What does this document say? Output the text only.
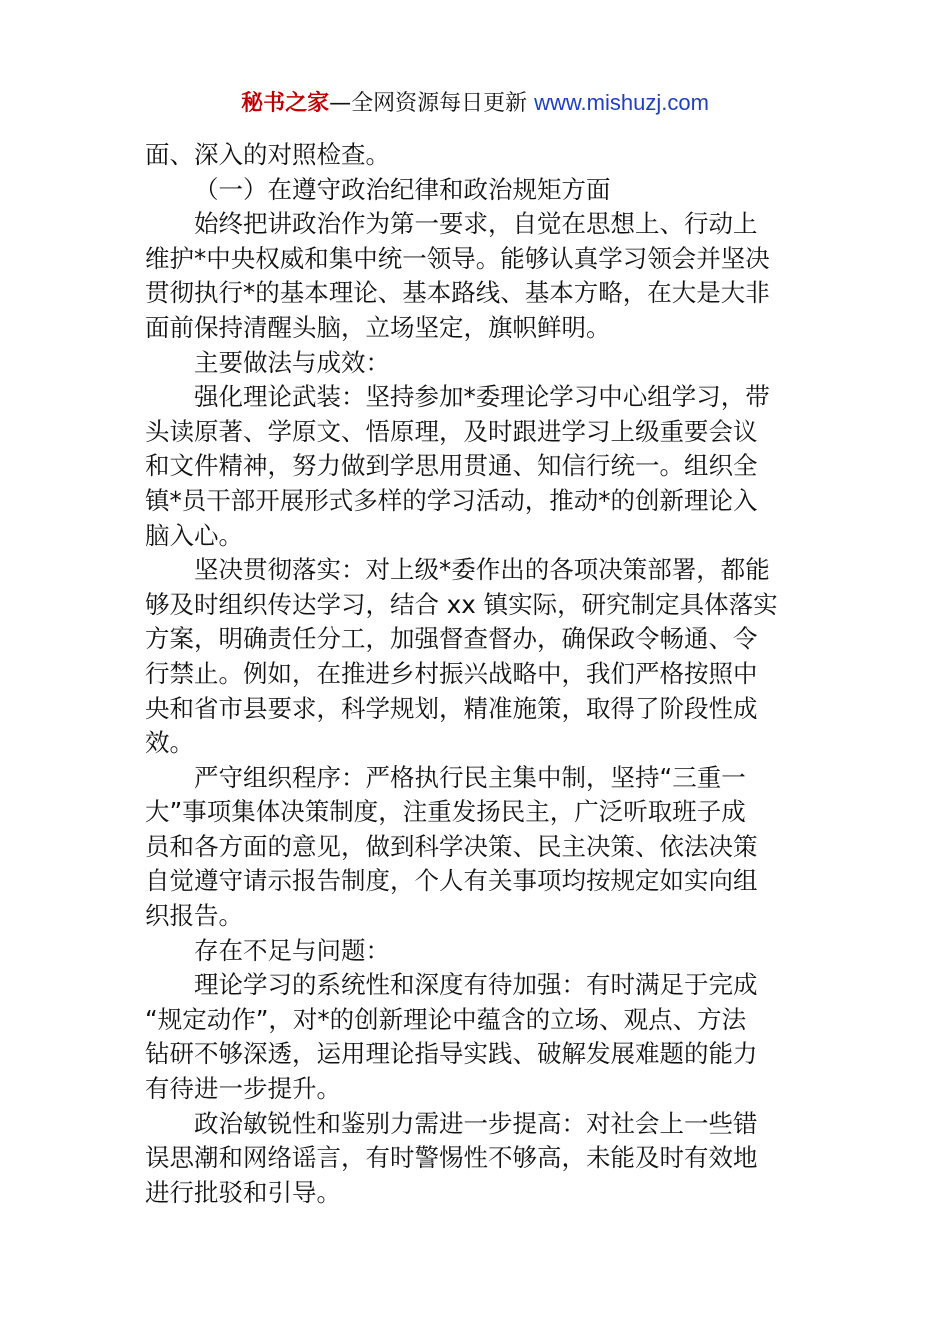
秘书之家—全网资源每日更新 www.mishuzj.com
面、深入的对照检查。
（一）在遵守政治纪律和政治规矩方面
始终把讲政治作为第一要求，自觉在思想上、行动上
维护*中央权威和集中统一领导。能够认真学习领会并坚决
贯彻执行*的基本理论、基本路线、基本方略，在大是大非
面前保持清醒头脑，立场坚定，旗帜鲜明。
主要做法与成效：
强化理论武装：坚持参加*委理论学习中心组学习，带
头读原著、学原文、悟原理，及时跟进学习上级重要会议
和文件精神，努力做到学思用贯通、知信行统一。组织全
镇*员干部开展形式多样的学习活动，推动*的创新理论入
脑入心。
坚决贯彻落实：对上级*委作出的各项决策部署，都能
够及时组织传达学习，结合 xx 镇实际，研究制定具体落实
方案，明确责任分工，加强督查督办，确保政令畅通、令
行禁止。例如，在推进乡村振兴战略中，我们严格按照中
央和省市县要求，科学规划，精准施策，取得了阶段性成
效。
严守组织程序：严格执行民主集中制，坚持“三重一
大”事项集体决策制度，注重发扬民主，广泛听取班子成
员和各方面的意见，做到科学决策、民主决策、依法决策
自觉遵守请示报告制度，个人有关事项均按规定如实向组
织报告。
存在不足与问题：
理论学习的系统性和深度有待加强：有时满足于完成
“规定动作”，对*的创新理论中蕴含的立场、观点、方法
钻研不够深透，运用理论指导实践、破解发展难题的能力
有待进一步提升。
政治敏锐性和鉴别力需进一步提高：对社会上一些错
误思潮和网络谣言，有时警惕性不够高，未能及时有效地
进行批驳和引导。
